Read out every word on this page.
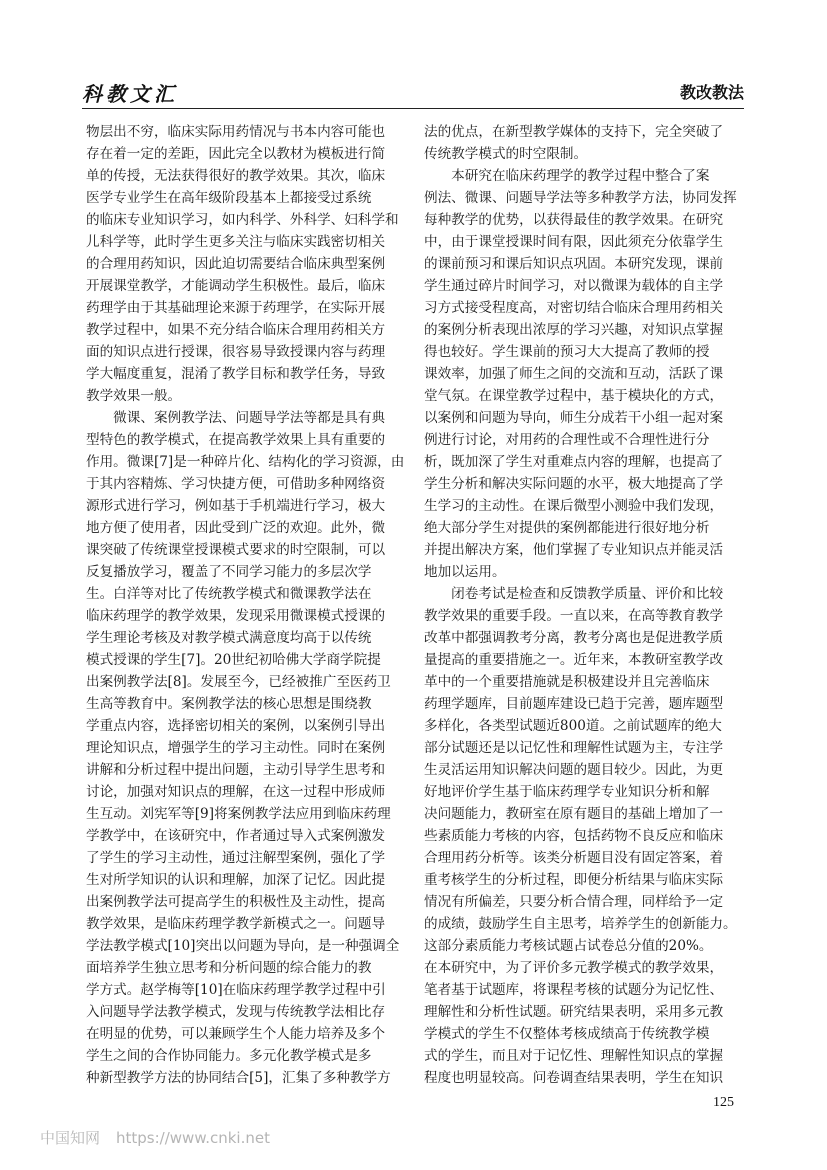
科教文汇	教改教法
物层出不穷，临床实际用药情况与书本内容可能也
存在着一定的差距，因此完全以教材为模板进行简
单的传授，无法获得很好的教学效果。其次，临床
医学专业学生在高年级阶段基本上都接受过系统
的临床专业知识学习，如内科学、外科学、妇科学和
儿科学等，此时学生更多关注与临床实践密切相关
的合理用药知识，因此迫切需要结合临床典型案例
开展课堂教学，才能调动学生积极性。最后，临床
药理学由于其基础理论来源于药理学，在实际开展
教学过程中，如果不充分结合临床合理用药相关方
面的知识点进行授课，很容易导致授课内容与药理
学大幅度重复，混淆了教学目标和教学任务，导致
教学效果一般。
　　微课、案例教学法、问题导学法等都是具有典
型特色的教学模式，在提高教学效果上具有重要的
作用。微课[7]是一种碎片化、结构化的学习资源，由
于其内容精炼、学习快捷方便，可借助多种网络资
源形式进行学习，例如基于手机端进行学习，极大
地方便了使用者，因此受到广泛的欢迎。此外，微
课突破了传统课堂授课模式要求的时空限制，可以
反复播放学习，覆盖了不同学习能力的多层次学
生。白洋等对比了传统教学模式和微课教学法在
临床药理学的教学效果，发现采用微课模式授课的
学生理论考核及对教学模式满意度均高于以传统
模式授课的学生[7]。20世纪初哈佛大学商学院提
出案例教学法[8]。发展至今，已经被推广至医药卫
生高等教育中。案例教学法的核心思想是围绕教
学重点内容，选择密切相关的案例，以案例引导出
理论知识点，增强学生的学习主动性。同时在案例
讲解和分析过程中提出问题，主动引导学生思考和
讨论，加强对知识点的理解，在这一过程中形成师
生互动。刘宪军等[9]将案例教学法应用到临床药理
学教学中，在该研究中，作者通过导入式案例激发
了学生的学习主动性，通过注解型案例，强化了学
生对所学知识的认识和理解，加深了记忆。因此提
出案例教学法可提高学生的积极性及主动性，提高
教学效果，是临床药理学教学新模式之一。问题导
学法教学模式[10]突出以问题为导向，是一种强调全
面培养学生独立思考和分析问题的综合能力的教
学方式。赵学梅等[10]在临床药理学教学过程中引
入问题导学法教学模式，发现与传统教学法相比存
在明显的优势，可以兼顾学生个人能力培养及多个
学生之间的合作协同能力。多元化教学模式是多
种新型教学方法的协同结合[5]，汇集了多种教学方
法的优点，在新型教学媒体的支持下，完全突破了
传统教学模式的时空限制。
　　本研究在临床药理学的教学过程中整合了案
例法、微课、问题导学法等多种教学方法，协同发挥
每种教学的优势，以获得最佳的教学效果。在研究
中，由于课堂授课时间有限，因此须充分依靠学生
的课前预习和课后知识点巩固。本研究发现，课前
学生通过碎片时间学习，对以微课为载体的自主学
习方式接受程度高，对密切结合临床合理用药相关
的案例分析表现出浓厚的学习兴趣，对知识点掌握
得也较好。学生课前的预习大大提高了教师的授
课效率，加强了师生之间的交流和互动，活跃了课
堂气氛。在课堂教学过程中，基于模块化的方式，
以案例和问题为导向，师生分成若干小组一起对案
例进行讨论，对用药的合理性或不合理性进行分
析，既加深了学生对重难点内容的理解，也提高了
学生分析和解决实际问题的水平，极大地提高了学
生学习的主动性。在课后微型小测验中我们发现，
绝大部分学生对提供的案例都能进行很好地分析
并提出解决方案，他们掌握了专业知识点并能灵活
地加以运用。
　　闭卷考试是检查和反馈教学质量、评价和比较
教学效果的重要手段。一直以来，在高等教育教学
改革中都强调教考分离，教考分离也是促进教学质
量提高的重要措施之一。近年来，本教研室教学改
革中的一个重要措施就是积极建设并且完善临床
药理学题库，目前题库建设已趋于完善，题库题型
多样化，各类型试题近800道。之前试题库的绝大
部分试题还是以记忆性和理解性试题为主，专注学
生灵活运用知识解决问题的题目较少。因此，为更
好地评价学生基于临床药理学专业知识分析和解
决问题能力，教研室在原有题目的基础上增加了一
些素质能力考核的内容，包括药物不良反应和临床
合理用药分析等。该类分析题目没有固定答案，着
重考核学生的分析过程，即便分析结果与临床实际
情况有所偏差，只要分析合情合理，同样给予一定
的成绩，鼓励学生自主思考，培养学生的创新能力。
这部分素质能力考核试题占试卷总分值的20%。
在本研究中，为了评价多元教学模式的教学效果，
笔者基于试题库，将课程考核的试题分为记忆性、
理解性和分析性试题。研究结果表明，采用多元教
学模式的学生不仅整体考核成绩高于传统教学模
式的学生，而且对于记忆性、理解性知识点的掌握
程度也明显较高。问卷调查结果表明，学生在知识
125
中国知网 https://www.cnki.net
